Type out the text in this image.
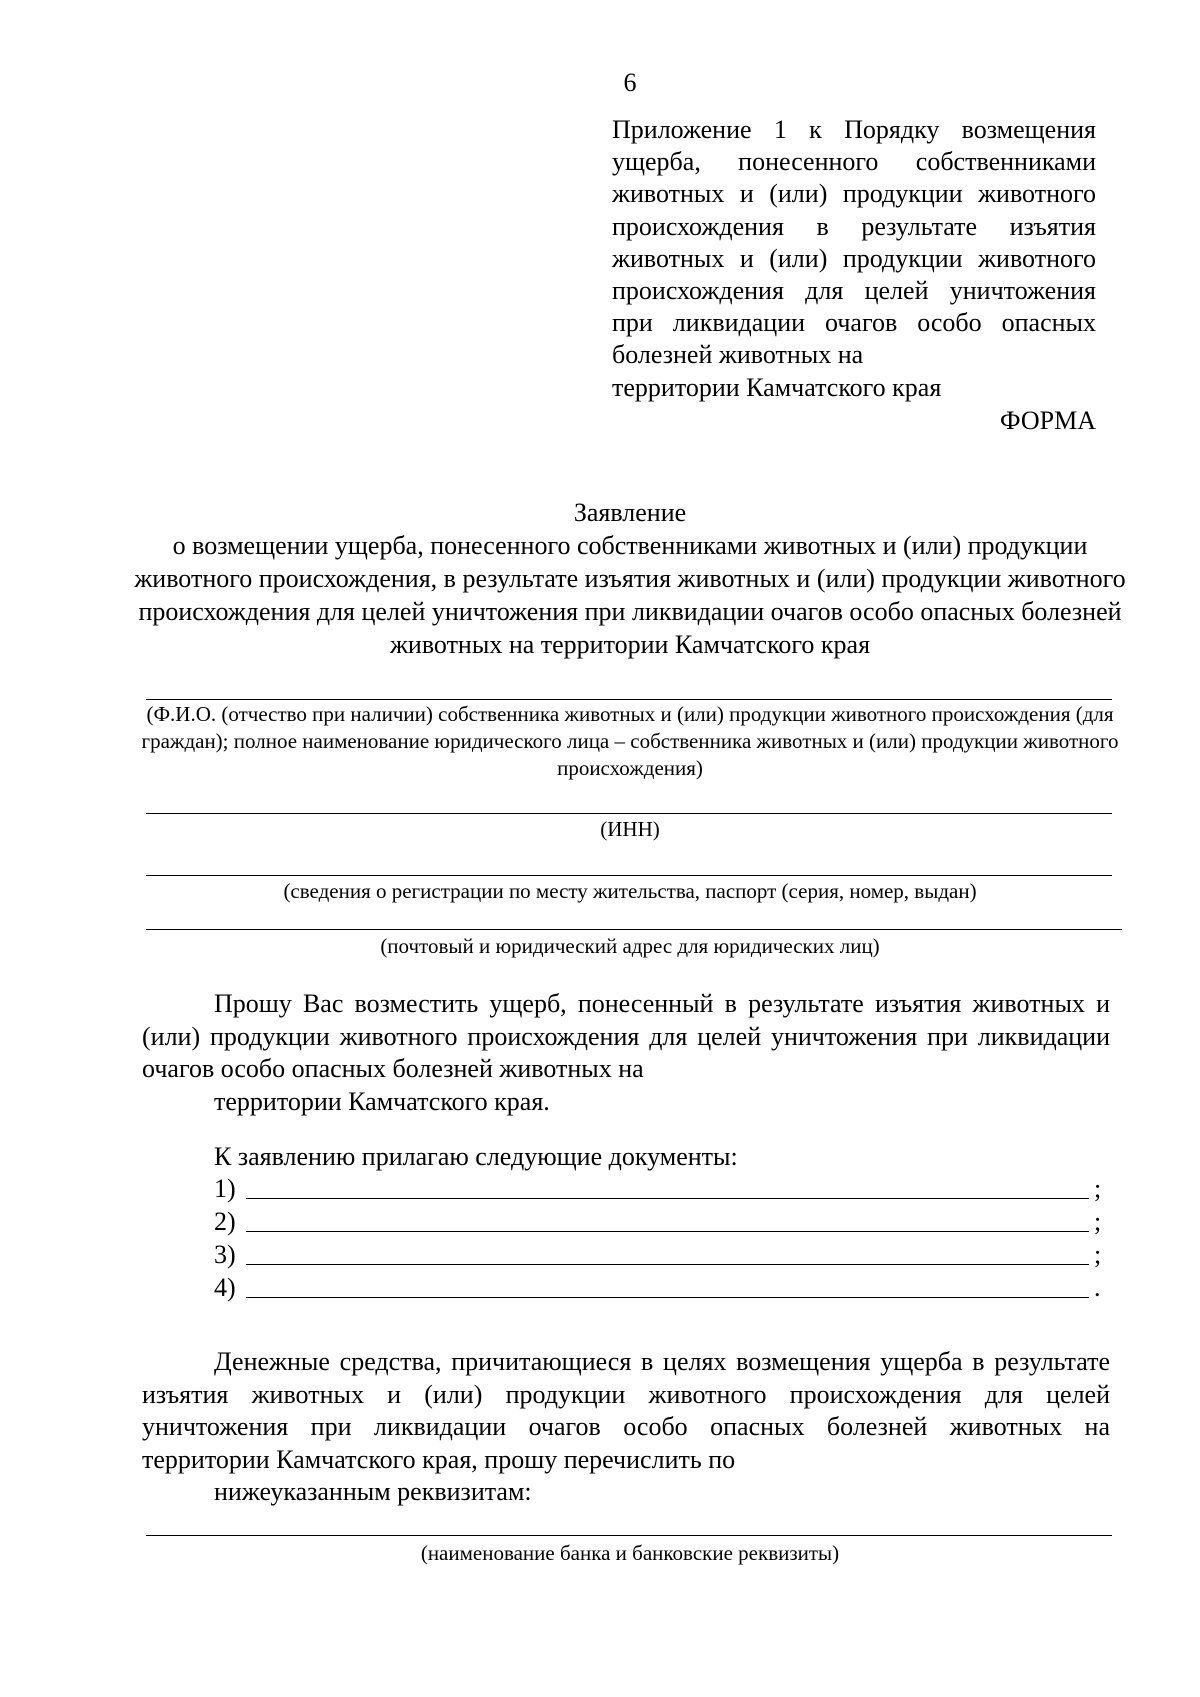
6
Приложение 1 к Порядку возмещения ущерба, понесенного собственниками животных и (или) продукции животного происхождения в результате изъятия животных и (или) продукции животного происхождения для целей уничтожения при ликвидации очагов особо опасных болезней животных на
территории Камчатского края
ФОРМА
Заявление
о возмещении ущерба, понесенного собственниками животных и (или) продукции животного происхождения, в результате изъятия животных и (или) продукции животного происхождения для целей уничтожения при ликвидации очагов особо опасных болезней животных на территории Камчатского края
(Ф.И.О. (отчество при наличии) собственника животных и (или) продукции животного происхождения (для граждан); полное наименование юридического лица – собственника животных и (или) продукции животного происхождения)
(ИНН)
(сведения о регистрации по месту жительства, паспорт (серия, номер, выдан)
(почтовый и юридический адрес для юридических лиц)
Прошу Вас возместить ущерб, понесенный в результате изъятия животных и (или) продукции животного происхождения для целей уничтожения при ликвидации очагов особо опасных болезней животных на
территории Камчатского края.
К заявлению прилагаю следующие документы:
1)	;
2)	;
3)	;
4)	.
Денежные средства, причитающиеся в целях возмещения ущерба в результате изъятия животных и (или) продукции животного происхождения для целей уничтожения при ликвидации очагов особо опасных болезней животных на территории Камчатского края, прошу перечислить по
нижеуказанным реквизитам:
(наименование банка и банковские реквизиты)
